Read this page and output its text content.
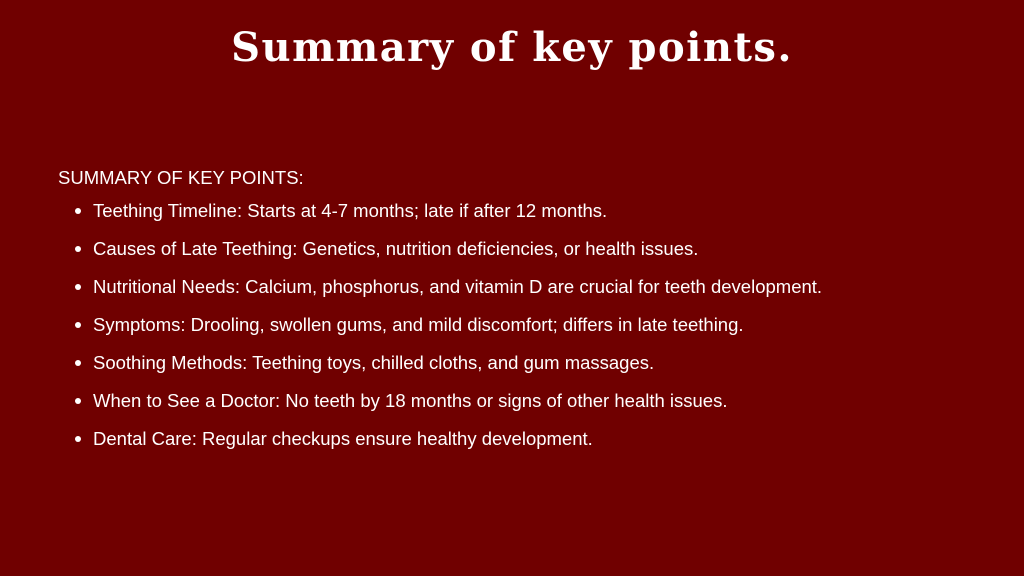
Summary of key points.

SUMMARY OF KEY POINTS:

Teething Timeline: Starts at 4-7 months; late if after 12 months.
Causes of Late Teething: Genetics, nutrition deficiencies, or health issues.
Nutritional Needs: Calcium, phosphorus, and vitamin D are crucial for teeth development.
Symptoms: Drooling, swollen gums, and mild discomfort; differs in late teething.
Soothing Methods: Teething toys, chilled cloths, and gum massages.
When to See a Doctor: No teeth by 18 months or signs of other health issues.
Dental Care: Regular checkups ensure healthy development.
